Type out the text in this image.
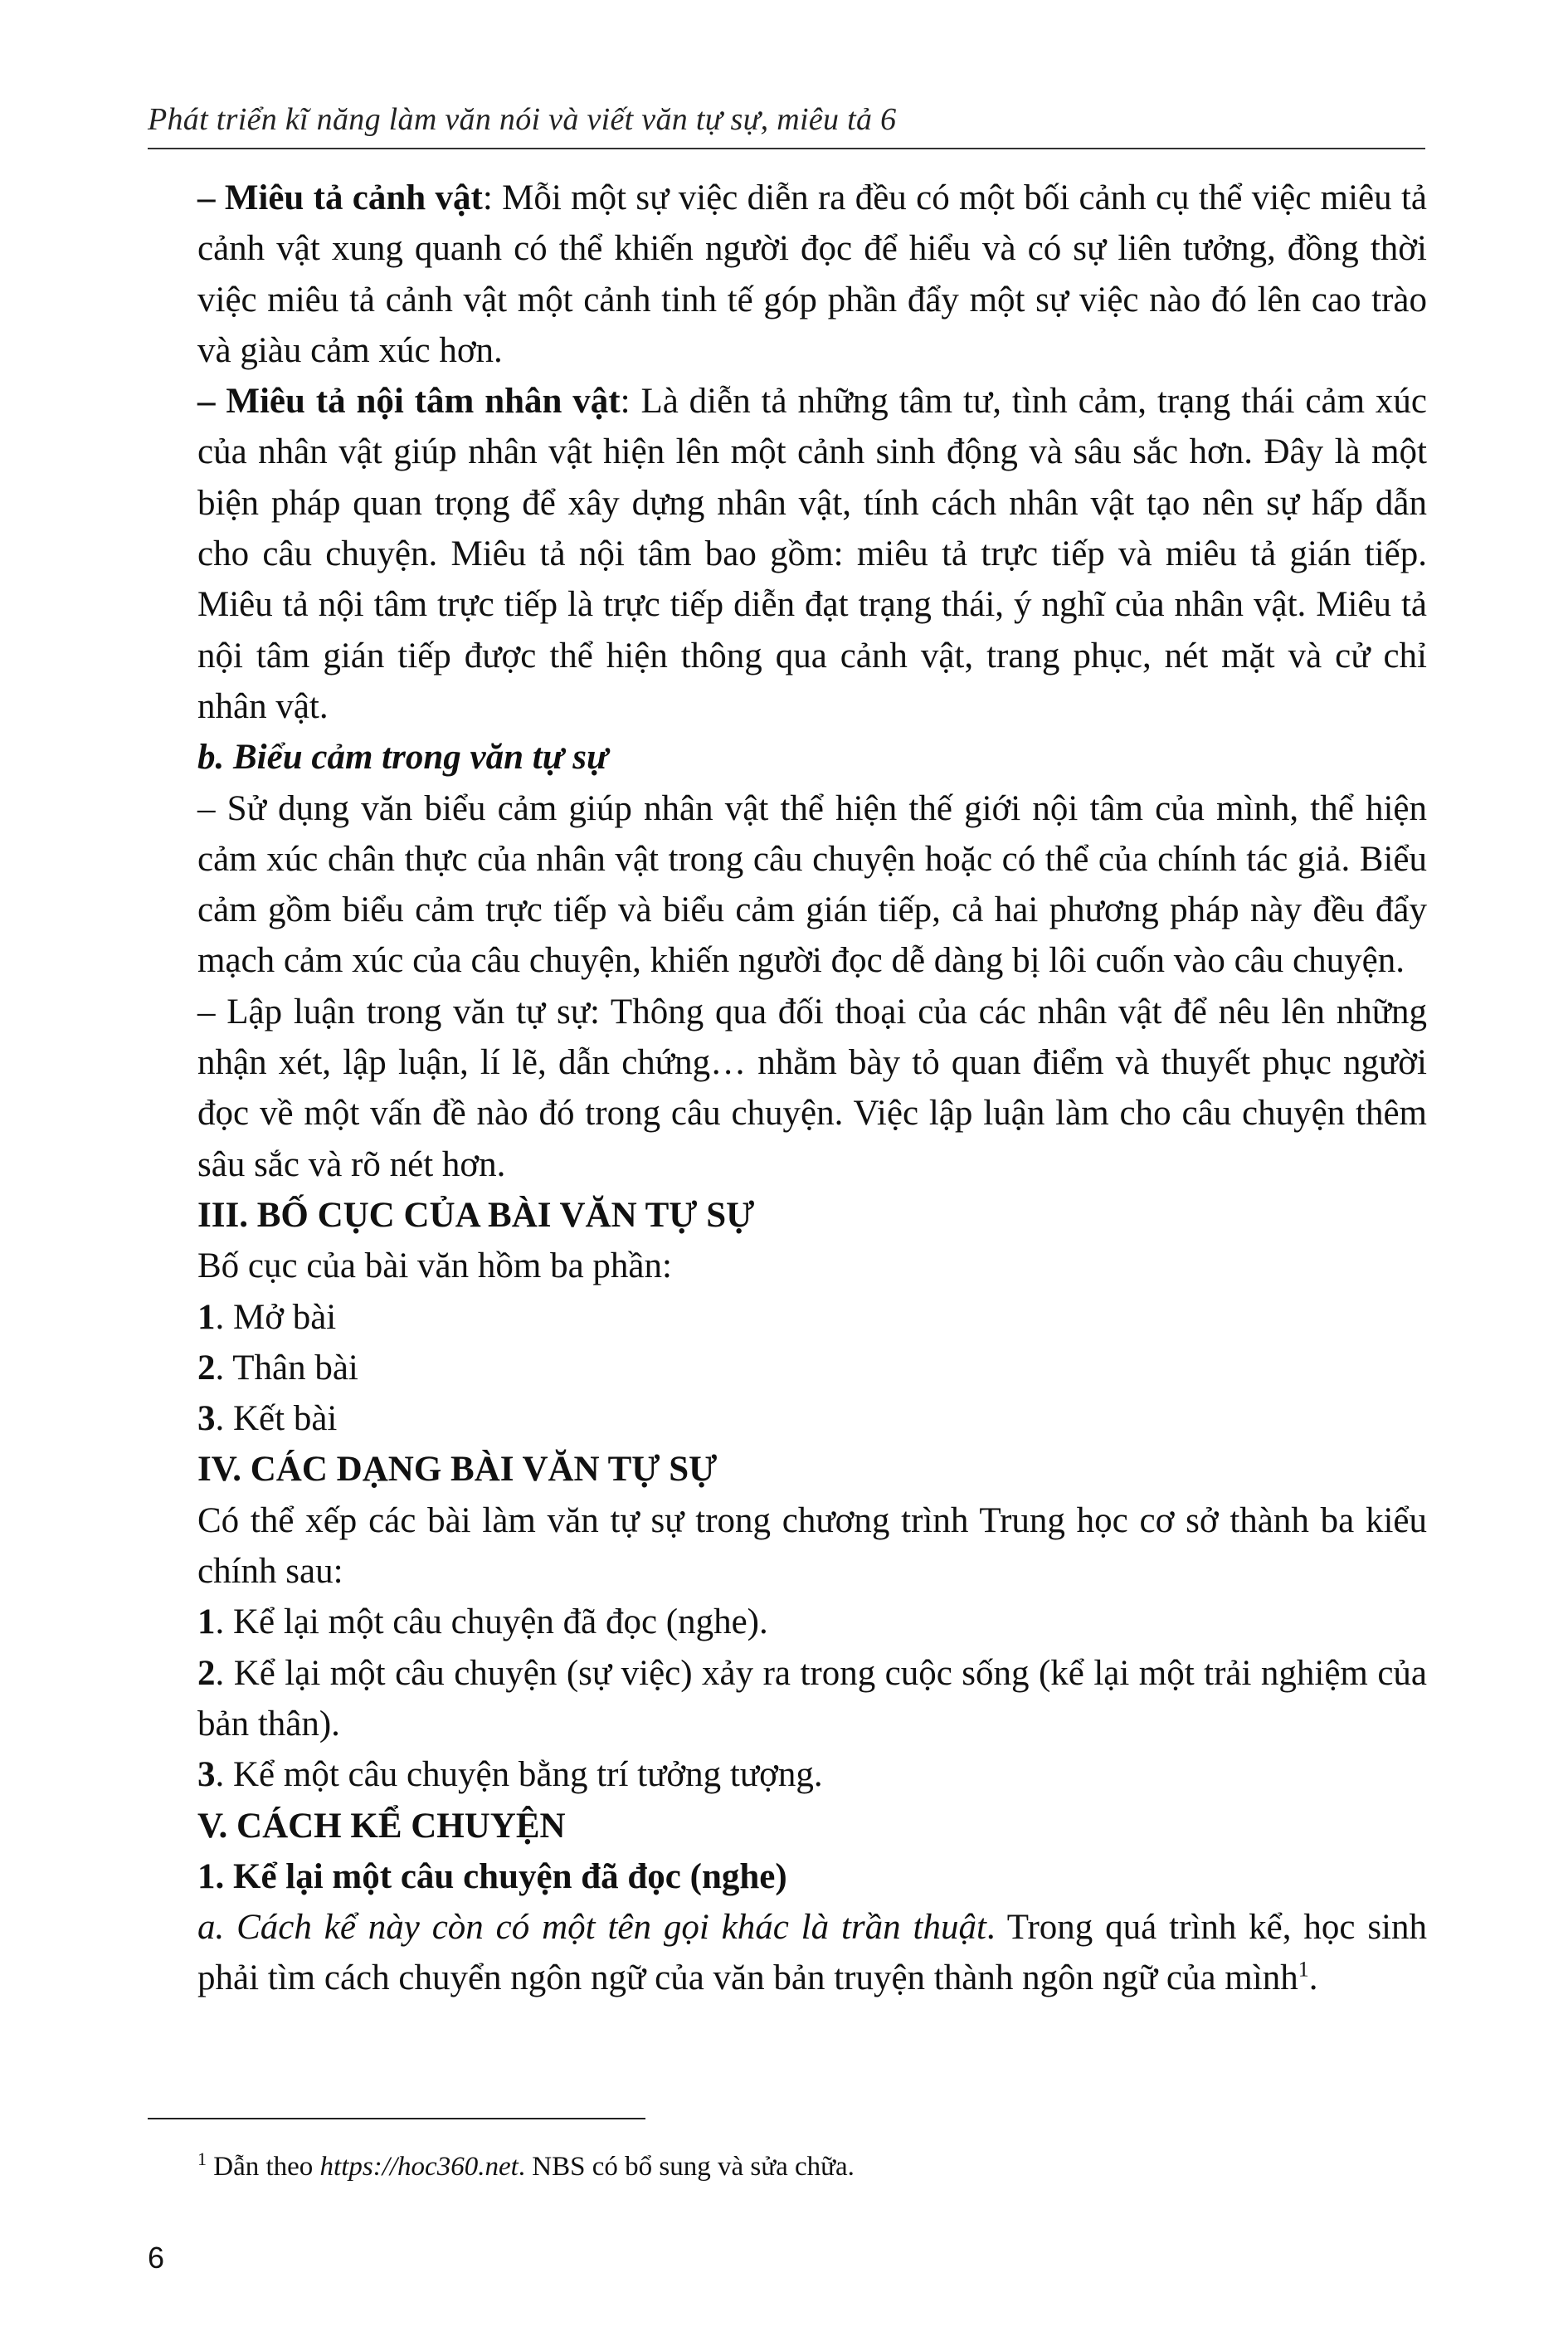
Phát triển kĩ năng làm văn nói và viết văn tự sự, miêu tả 6

– Miêu tả cảnh vật: Mỗi một sự việc diễn ra đều có một bối cảnh cụ thể việc miêu tả cảnh vật xung quanh có thể khiến người đọc để hiểu và có sự liên tưởng, đồng thời việc miêu tả cảnh vật một cảnh tinh tế góp phần đẩy một sự việc nào đó lên cao trào và giàu cảm xúc hơn.

– Miêu tả nội tâm nhân vật: Là diễn tả những tâm tư, tình cảm, trạng thái cảm xúc của nhân vật giúp nhân vật hiện lên một cảnh sinh động và sâu sắc hơn. Đây là một biện pháp quan trọng để xây dựng nhân vật, tính cách nhân vật tạo nên sự hấp dẫn cho câu chuyện. Miêu tả nội tâm bao gồm: miêu tả trực tiếp và miêu tả gián tiếp. Miêu tả nội tâm trực tiếp là trực tiếp diễn đạt trạng thái, ý nghĩ của nhân vật. Miêu tả nội tâm gián tiếp được thể hiện thông qua cảnh vật, trang phục, nét mặt và cử chỉ nhân vật.

b. Biểu cảm trong văn tự sự

– Sử dụng văn biểu cảm giúp nhân vật thể hiện thế giới nội tâm của mình, thể hiện cảm xúc chân thực của nhân vật trong câu chuyện hoặc có thể của chính tác giả. Biểu cảm gồm biểu cảm trực tiếp và biểu cảm gián tiếp, cả hai phương pháp này đều đẩy mạch cảm xúc của câu chuyện, khiến người đọc dễ dàng bị lôi cuốn vào câu chuyện.

– Lập luận trong văn tự sự: Thông qua đối thoại của các nhân vật để nêu lên những nhận xét, lập luận, lí lẽ, dẫn chứng… nhằm bày tỏ quan điểm và thuyết phục người đọc về một vấn đề nào đó trong câu chuyện. Việc lập luận làm cho câu chuyện thêm sâu sắc và rõ nét hơn.

III. BỐ CỤC CỦA BÀI VĂN TỰ SỰ

Bố cục của bài văn hồm ba phần:

1. Mở bài

2. Thân bài

3. Kết bài

IV. CÁC DẠNG BÀI VĂN TỰ SỰ

Có thể xếp các bài làm văn tự sự trong chương trình Trung học cơ sở thành ba kiểu chính sau:

1. Kể lại một câu chuyện đã đọc (nghe).

2. Kể lại một câu chuyện (sự việc) xảy ra trong cuộc sống (kể lại một trải nghiệm của bản thân).

3. Kể một câu chuyện bằng trí tưởng tượng.

V. CÁCH KỂ CHUYỆN

1. Kể lại một câu chuyện đã đọc (nghe)

a. Cách kể này còn có một tên gọi khác là trần thuật. Trong quá trình kể, học sinh phải tìm cách chuyển ngôn ngữ của văn bản truyện thành ngôn ngữ của mình$^1$.

$^1$ Dẫn theo https://hoc360.net. NBS có bổ sung và sửa chữa.
6
